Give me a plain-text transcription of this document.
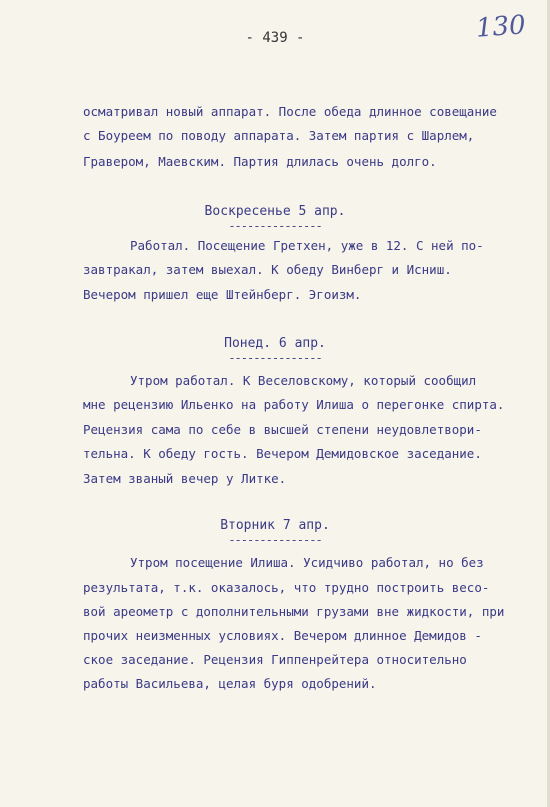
- 439 -	130
осматривал новый аппарат. После обеда длинное совещание
с Боуреем по поводу аппарата. Затем партия с Шарлем,
Гравером, Маевским. Партия длилась очень долго.
Воскресенье 5 апр.
---------------
Работал. Посещение Гретхен, уже в 12. С ней по-
завтракал, затем выехал. К обеду Винберг и Исниш.
Вечером пришел еще Штейнберг. Эгоизм.
Понед. 6 апр.
---------------
Утром работал. К Веселовскому, который сообщил
мне рецензию Ильенко на работу Илиша о перегонке спирта.
Рецензия сама по себе в высшей степени неудовлетвори-
тельна. К обеду гость. Вечером Демидовское заседание.
Затем званый вечер у Литке.
Вторник 7 апр.
---------------
Утром посещение Илиша. Усидчиво работал, но без
результата, т.к. оказалось, что трудно построить весо-
вой ареометр с дополнительными грузами вне жидкости, при
прочих неизменных условиях. Вечером длинное Демидов -
ское заседание. Рецензия Гиппенрейтера относительно
работы Васильева, целая буря одобрений.
